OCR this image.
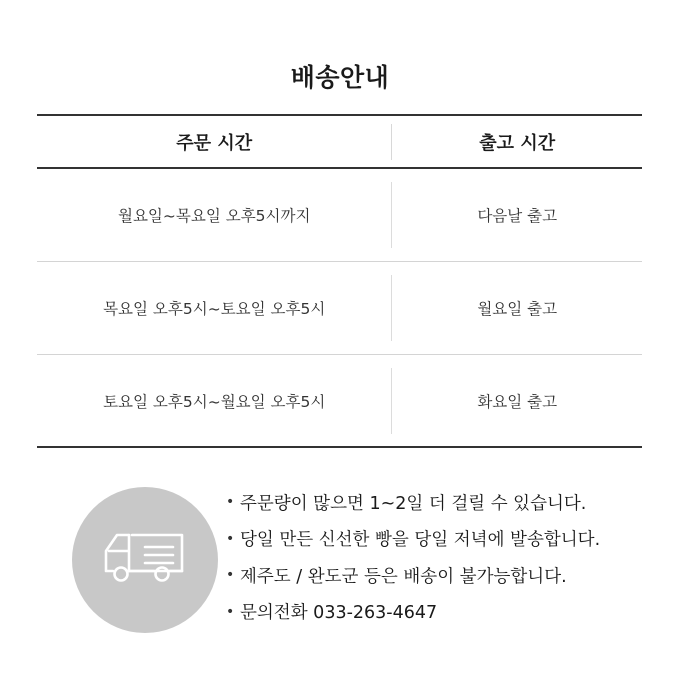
배송안내
주문 시간	출고 시간
월요일~목요일 오후5시까지	다음날 출고
목요일 오후5시~토요일 오후5시	월요일 출고
토요일 오후5시~월요일 오후5시	화요일 출고
• 주문량이 많으면 1~2일 더 걸릴 수 있습니다.
• 당일 만든 신선한 빵을 당일 저녁에 발송합니다.
• 제주도 / 완도군 등은 배송이 불가능합니다.
• 문의전화 033-263-4647
